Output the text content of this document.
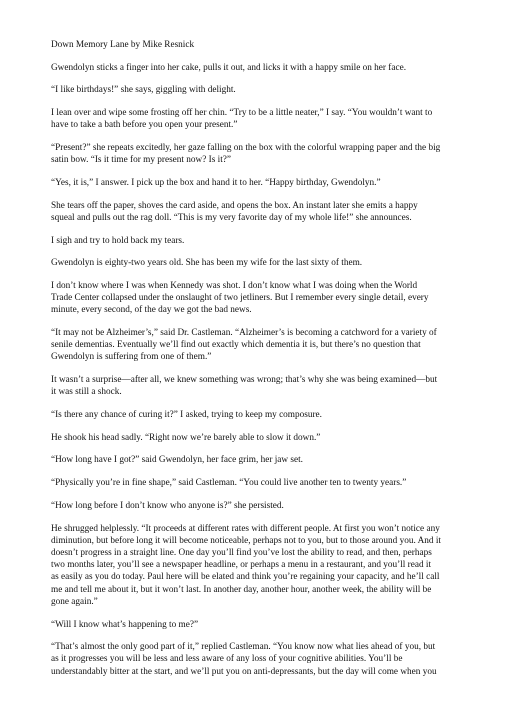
Down Memory Lane by Mike Resnick

Gwendolyn sticks a finger into her cake, pulls it out, and licks it with a happy smile on her face.

“I like birthdays!” she says, giggling with delight.

I lean over and wipe some frosting off her chin. “Try to be a little neater,” I say. “You wouldn’t want to
have to take a bath before you open your present.”

“Present?” she repeats excitedly, her gaze falling on the box with the colorful wrapping paper and the big
satin bow. “Is it time for my present now? Is it?”

“Yes, it is,” I answer. I pick up the box and hand it to her. “Happy birthday, Gwendolyn.”

She tears off the paper, shoves the card aside, and opens the box. An instant later she emits a happy
squeal and pulls out the rag doll. “This is my very favorite day of my whole life!” she announces.

I sigh and try to hold back my tears.

Gwendolyn is eighty-two years old. She has been my wife for the last sixty of them.

I don’t know where I was when Kennedy was shot. I don’t know what I was doing when the World
Trade Center collapsed under the onslaught of two jetliners. But I remember every single detail, every
minute, every second, of the day we got the bad news.

“It may not be Alzheimer’s,” said Dr. Castleman. “Alzheimer’s is becoming a catchword for a variety of
senile dementias. Eventually we’ll find out exactly which dementia it is, but there’s no question that
Gwendolyn is suffering from one of them.”

It wasn’t a surprise—after all, we knew something was wrong; that’s why she was being examined—but
it was still a shock.

“Is there any chance of curing it?” I asked, trying to keep my composure.

He shook his head sadly. “Right now we’re barely able to slow it down.”

“How long have I got?” said Gwendolyn, her face grim, her jaw set.

“Physically you’re in fine shape,” said Castleman. “You could live another ten to twenty years.”

“How long before I don’t know who anyone is?” she persisted.

He shrugged helplessly. “It proceeds at different rates with different people. At first you won’t notice any
diminution, but before long it will become noticeable, perhaps not to you, but to those around you. And it
doesn’t progress in a straight line. One day you’ll find you’ve lost the ability to read, and then, perhaps
two months later, you’ll see a newspaper headline, or perhaps a menu in a restaurant, and you’ll read it
as easily as you do today. Paul here will be elated and think you’re regaining your capacity, and he’ll call
me and tell me about it, but it won’t last. In another day, another hour, another week, the ability will be
gone again.”

“Will I know what’s happening to me?”

“That’s almost the only good part of it,” replied Castleman. “You know now what lies ahead of you, but
as it progresses you will be less and less aware of any loss of your cognitive abilities. You’ll be
understandably bitter at the start, and we’ll put you on anti-depressants, but the day will come when you
